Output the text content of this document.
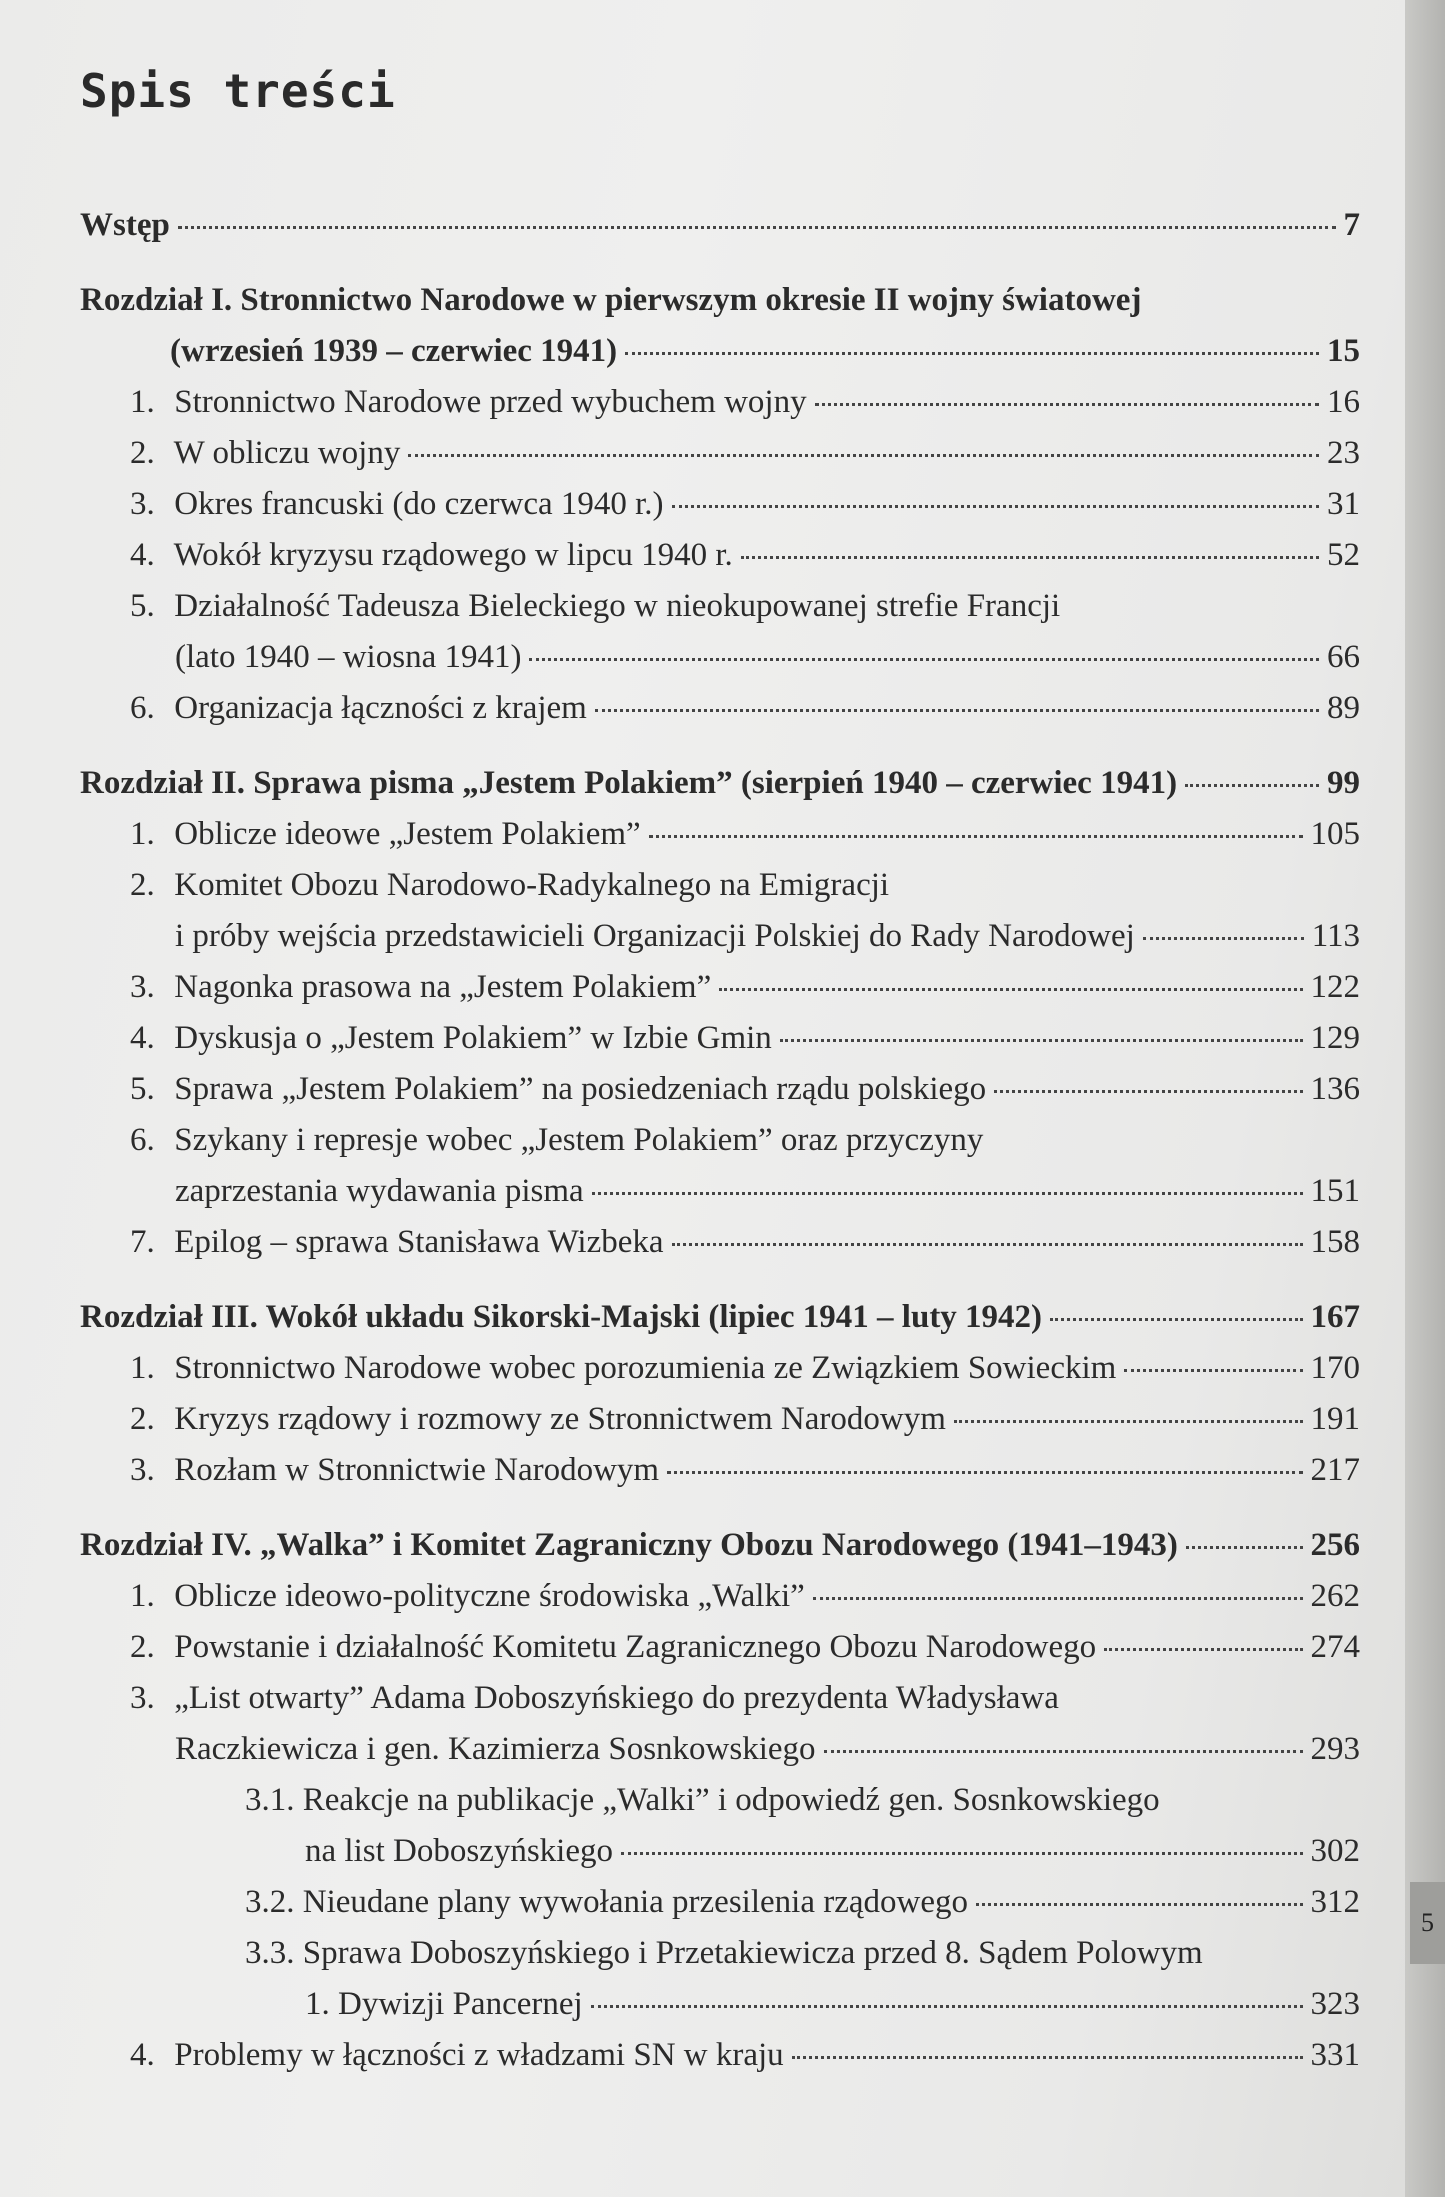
Spis treści
Wstęp	7
Rozdział I. Stronnictwo Narodowe w pierwszym okresie II wojny światowej
(wrzesień 1939 – czerwiec 1941)	15
1. Stronnictwo Narodowe przed wybuchem wojny	16
2. W obliczu wojny	23
3. Okres francuski (do czerwca 1940 r.)	31
4. Wokół kryzysu rządowego w lipcu 1940 r.	52
5. Działalność Tadeusza Bieleckiego w nieokupowanej strefie Francji
(lato 1940 – wiosna 1941)	66
6. Organizacja łączności z krajem	89
Rozdział II. Sprawa pisma „Jestem Polakiem” (sierpień 1940 – czerwiec 1941)	99
1. Oblicze ideowe „Jestem Polakiem”	105
2. Komitet Obozu Narodowo-Radykalnego na Emigracji
i próby wejścia przedstawicieli Organizacji Polskiej do Rady Narodowej	113
3. Nagonka prasowa na „Jestem Polakiem”	122
4. Dyskusja o „Jestem Polakiem” w Izbie Gmin	129
5. Sprawa „Jestem Polakiem” na posiedzeniach rządu polskiego	136
6. Szykany i represje wobec „Jestem Polakiem” oraz przyczyny
zaprzestania wydawania pisma	151
7. Epilog – sprawa Stanisława Wizbeka	158
Rozdział III. Wokół układu Sikorski-Majski (lipiec 1941 – luty 1942)	167
1. Stronnictwo Narodowe wobec porozumienia ze Związkiem Sowieckim	170
2. Kryzys rządowy i rozmowy ze Stronnictwem Narodowym	191
3. Rozłam w Stronnictwie Narodowym	217
Rozdział IV. „Walka” i Komitet Zagraniczny Obozu Narodowego (1941–1943)	256
1. Oblicze ideowo-polityczne środowiska „Walki”	262
2. Powstanie i działalność Komitetu Zagranicznego Obozu Narodowego	274
3. „List otwarty” Adama Doboszyńskiego do prezydenta Władysława
Raczkiewicza i gen. Kazimierza Sosnkowskiego	293
3.1. Reakcje na publikacje „Walki” i odpowiedź gen. Sosnkowskiego
na list Doboszyńskiego	302
3.2. Nieudane plany wywołania przesilenia rządowego	312
3.3. Sprawa Doboszyńskiego i Przetakiewicza przed 8. Sądem Polowym
1. Dywizji Pancernej	323
4. Problemy w łączności z władzami SN w kraju	331
5
